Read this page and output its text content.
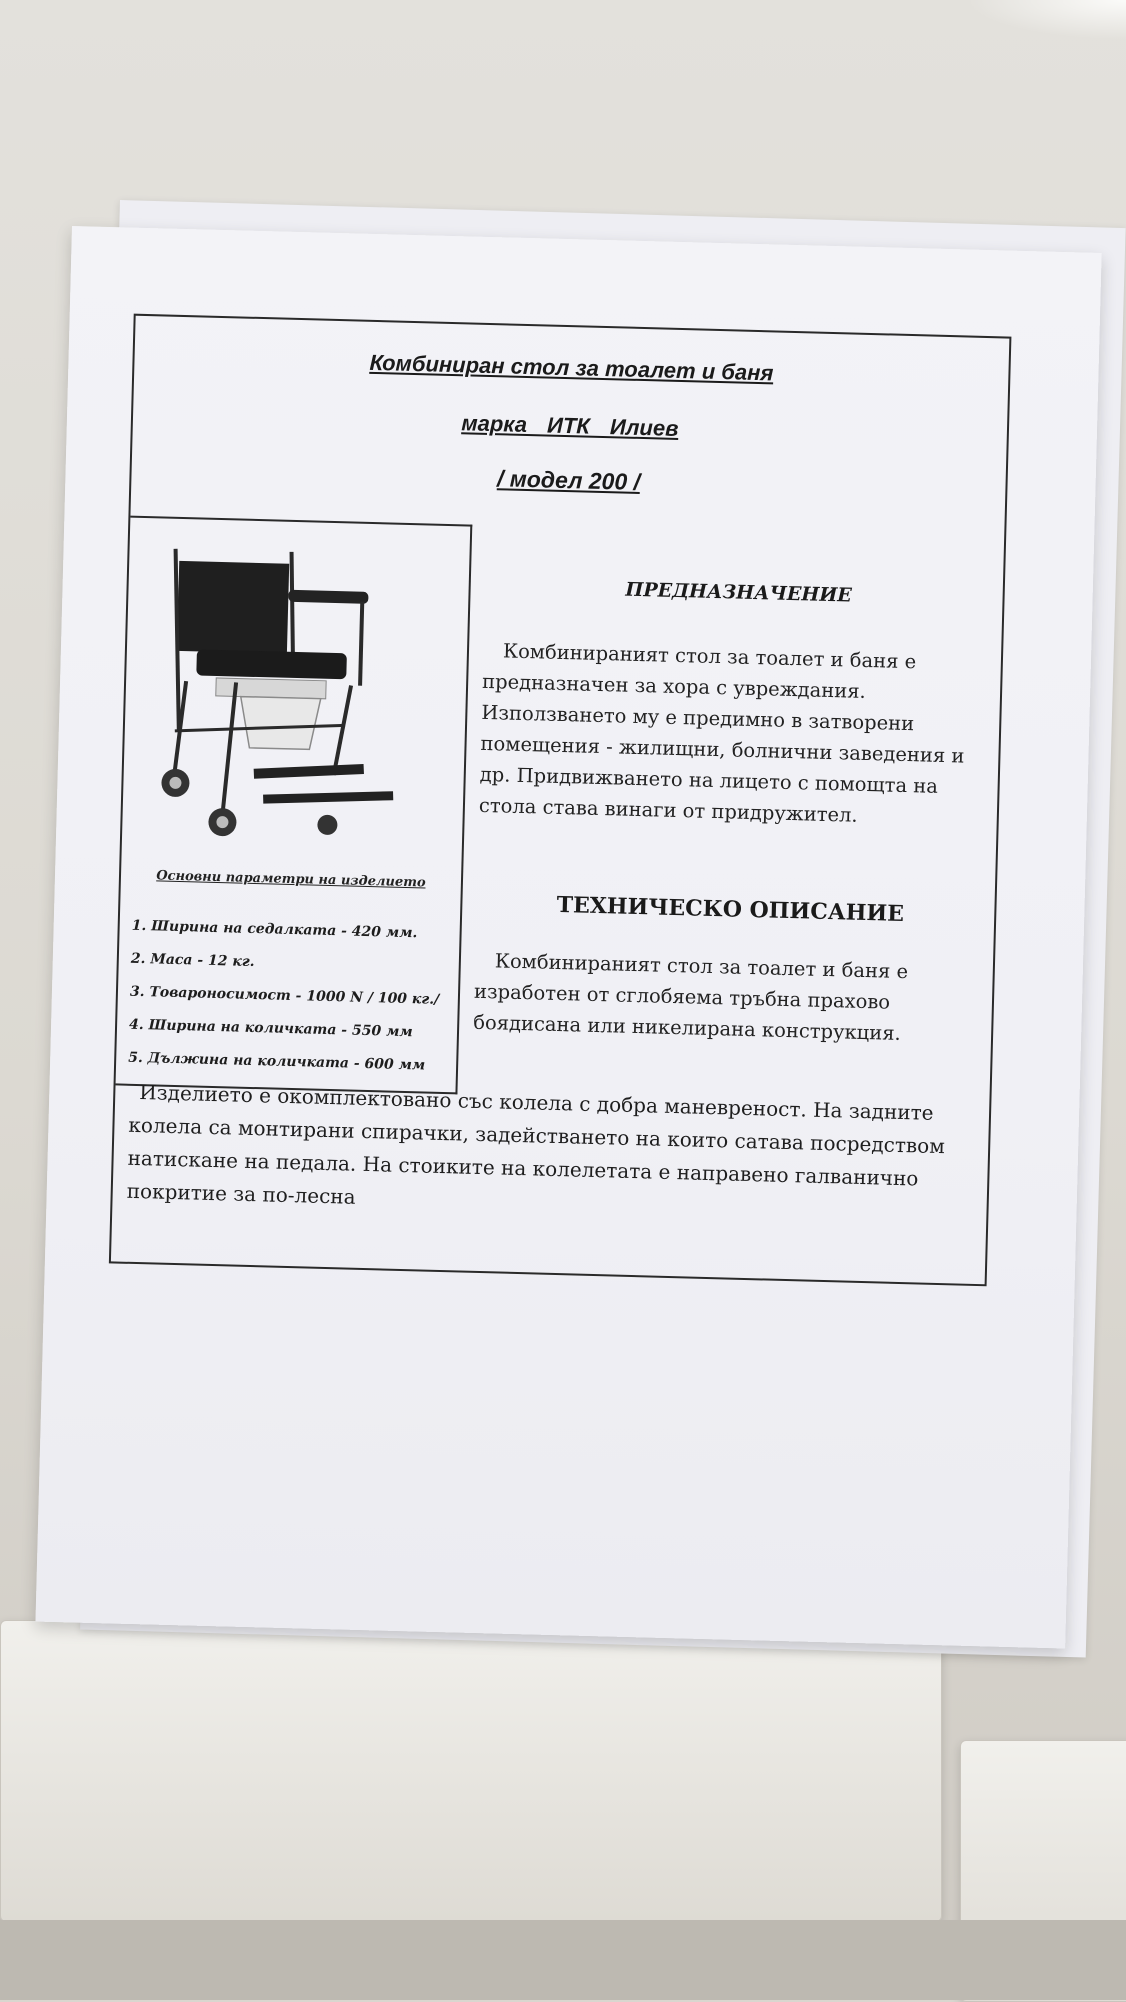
Комбиниран стол за тоалет и баня
марка ИТК Илиев
/ модел 200 /
Основни параметри на изделието
1. Ширина на седалката - 420 мм.
2. Маса - 12 кг.
3. Товароносимост - 1000 N / 100 кг./
4. Ширина на количката - 550 мм
5. Дължина на количката - 600 мм
ПРЕДНАЗНАЧЕНИЕ

Комбинираният стол за тоалет и баня е предназначен за хора с увреждания. Използването му е предимно в затворени помещения - жилищни, болнични заведения и др. Придвижването на лицето с помощта на стола става винаги от придружител.

ТЕХНИЧЕСКО ОПИСАНИЕ

Комбинираният стол за тоалет и баня е изработен от сглобяема тръбна прахово боядисана или никелирана конструкция.

Изделието е окомплектовано със колела с добра маневреност. На задните колела са монтирани спирачки, задействането на които сатава посредством натискане на педала. На стоиките на колелетата е направено галванично покритие за по-лесна
